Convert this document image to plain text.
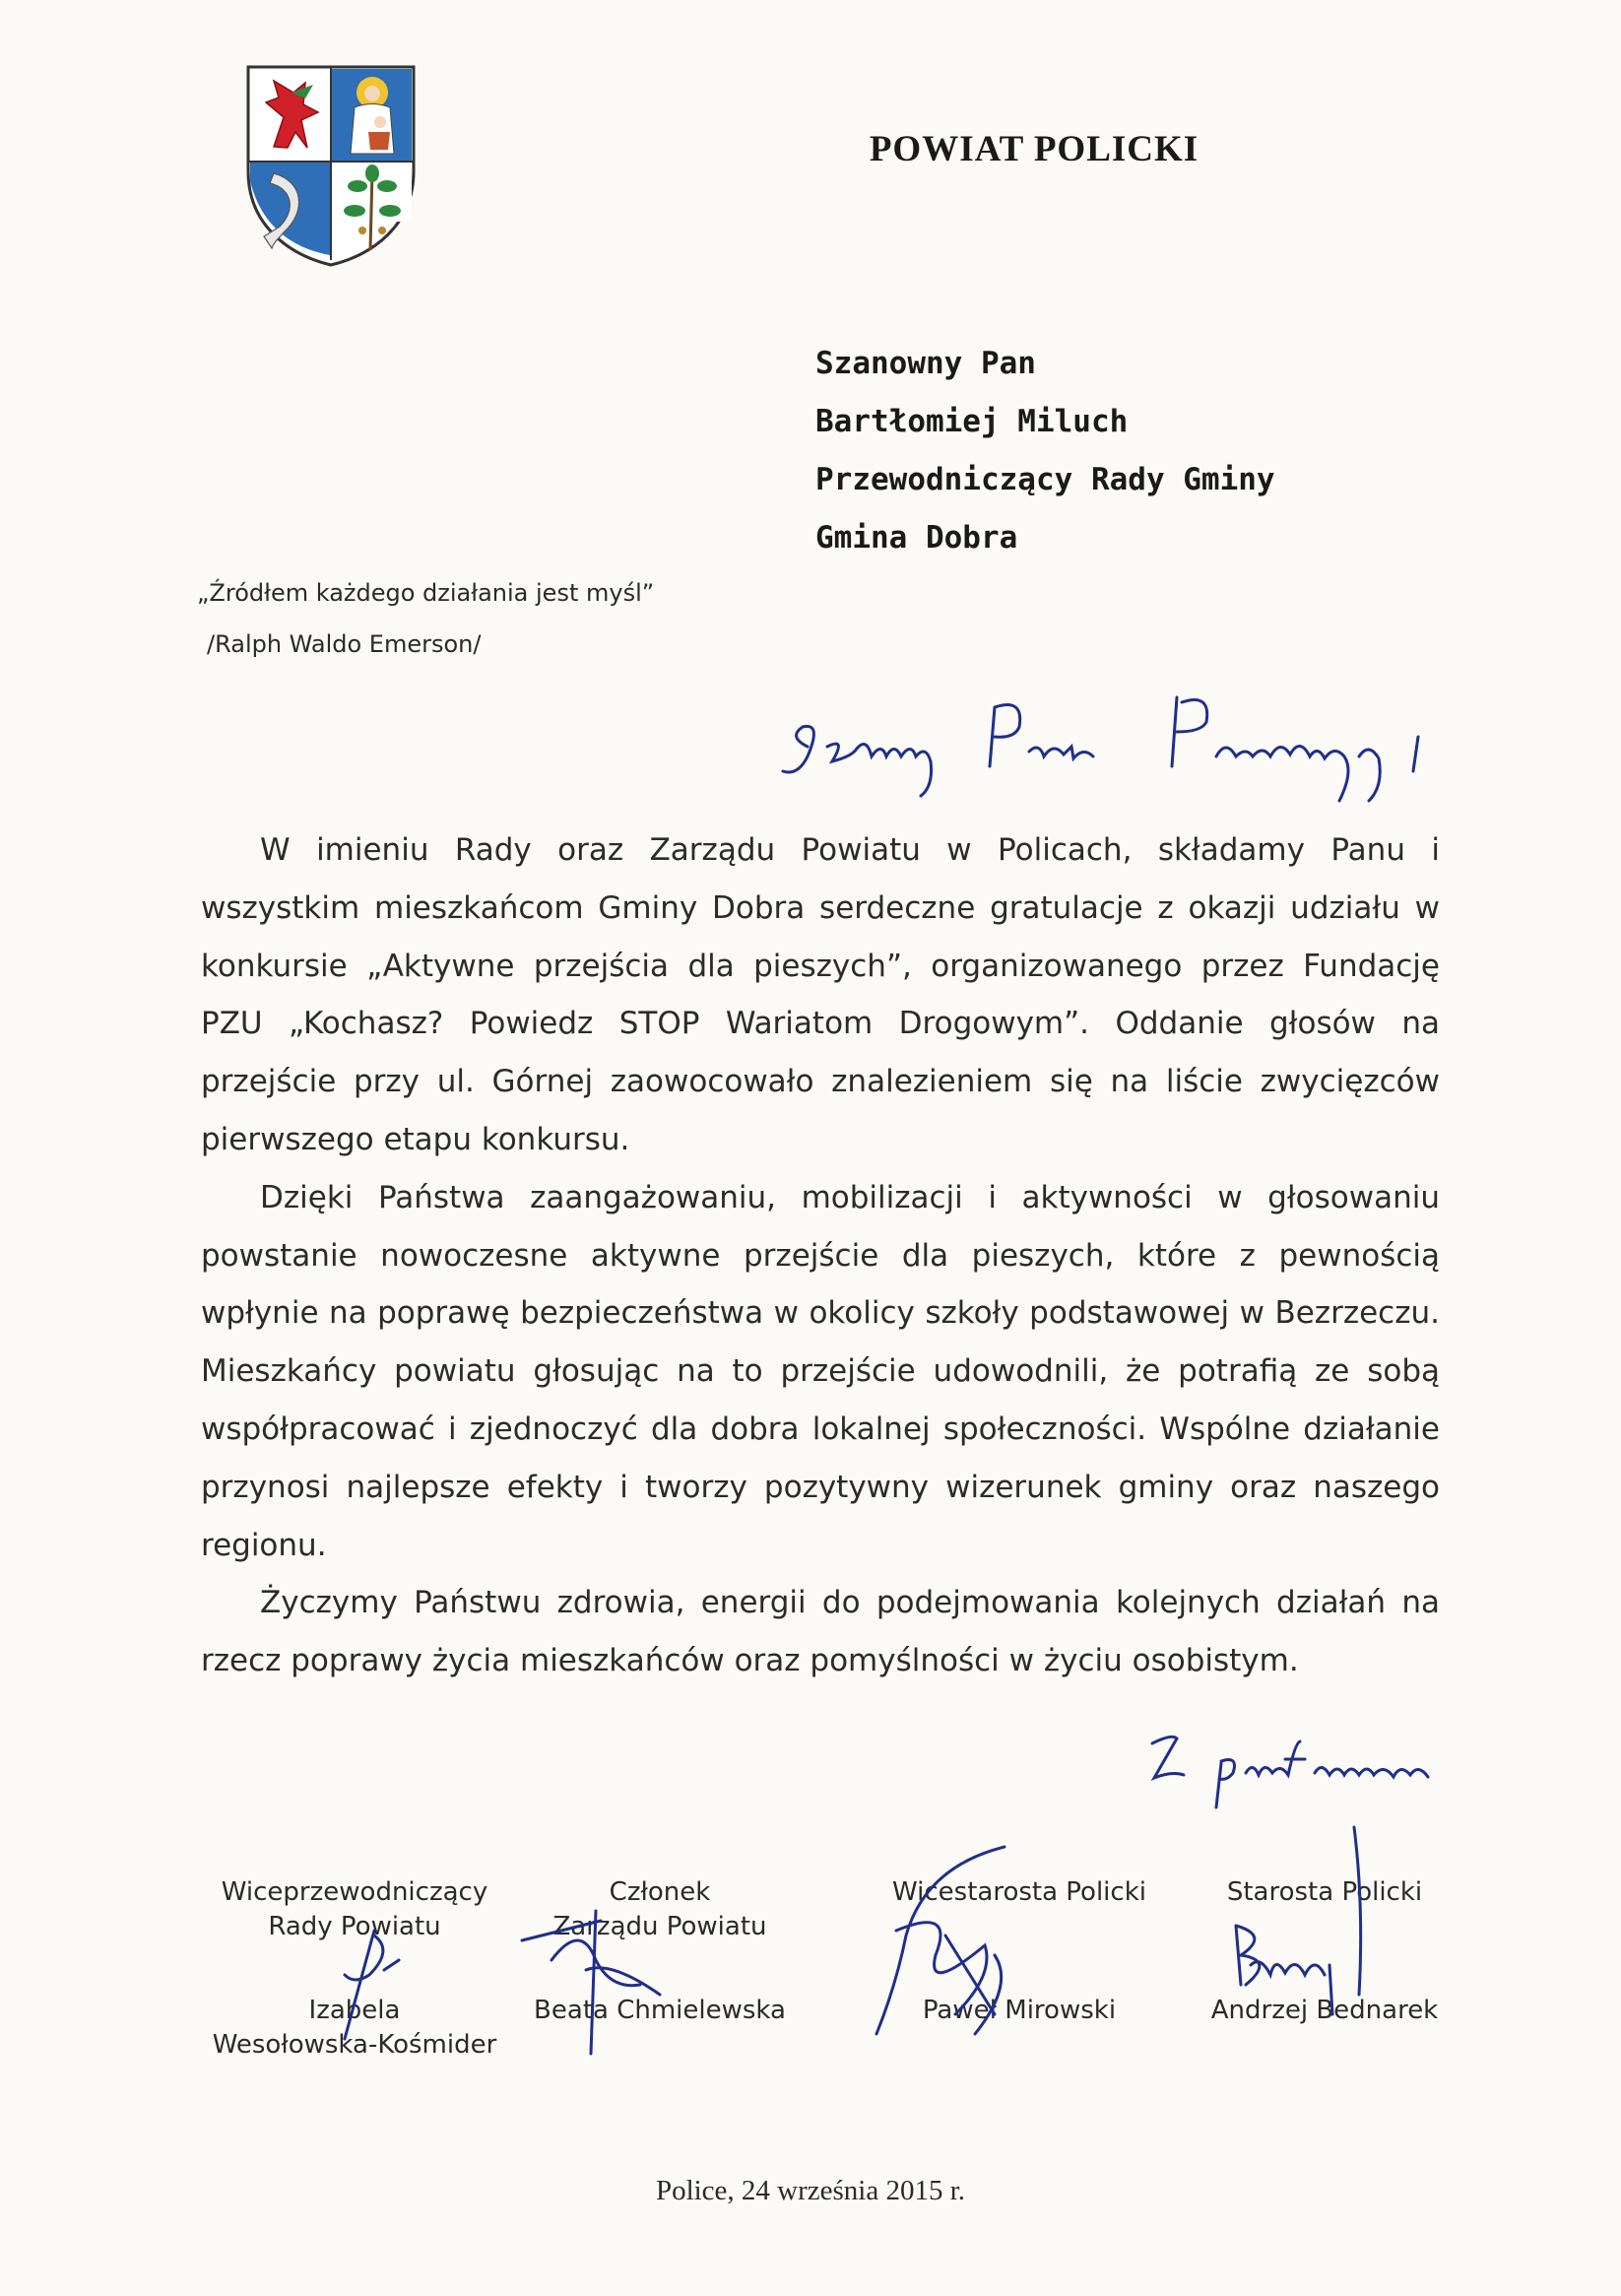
POWIAT POLICKI
Szanowny Pan
Bartłomiej Miluch
Przewodniczący Rady Gminy
Gmina Dobra
„Źródłem każdego działania jest myśl”
/Ralph Waldo Emerson/

W imieniu Rady oraz Zarządu Powiatu w Policach, składamy Panu i wszystkim mieszkańcom Gminy Dobra serdeczne gratulacje z okazji udziału w konkursie „Aktywne przejścia dla pieszych”, organizowanego przez Fundację PZU „Kochasz? Powiedz STOP Wariatom Drogowym”. Oddanie głosów na przejście przy ul. Górnej zaowocowało znalezieniem się na liście zwycięzców pierwszego etapu konkursu.

Dzięki Państwa zaangażowaniu, mobilizacji i aktywności w głosowaniu powstanie nowoczesne aktywne przejście dla pieszych, które z pewnością wpłynie na poprawę bezpieczeństwa w okolicy szkoły podstawowej w Bezrzeczu. Mieszkańcy powiatu głosując na to przejście udowodnili, że potrafią ze sobą współpracować i zjednoczyć dla dobra lokalnej społeczności. Wspólne działanie przynosi najlepsze efekty i tworzy pozytywny wizerunek gminy oraz naszego regionu.

Życzymy Państwu zdrowia, energii do podejmowania kolejnych działań na rzecz poprawy życia mieszkańców oraz pomyślności w życiu osobistym.

Wiceprzewodniczący
Rady Powiatu
Izabela
Wesołowska-Kośmider
Członek
Zarządu Powiatu
Beata Chmielewska
Wicestarosta Policki
Paweł Mirowski
Starosta Policki
Andrzej Bednarek
Police, 24 września 2015 r.
